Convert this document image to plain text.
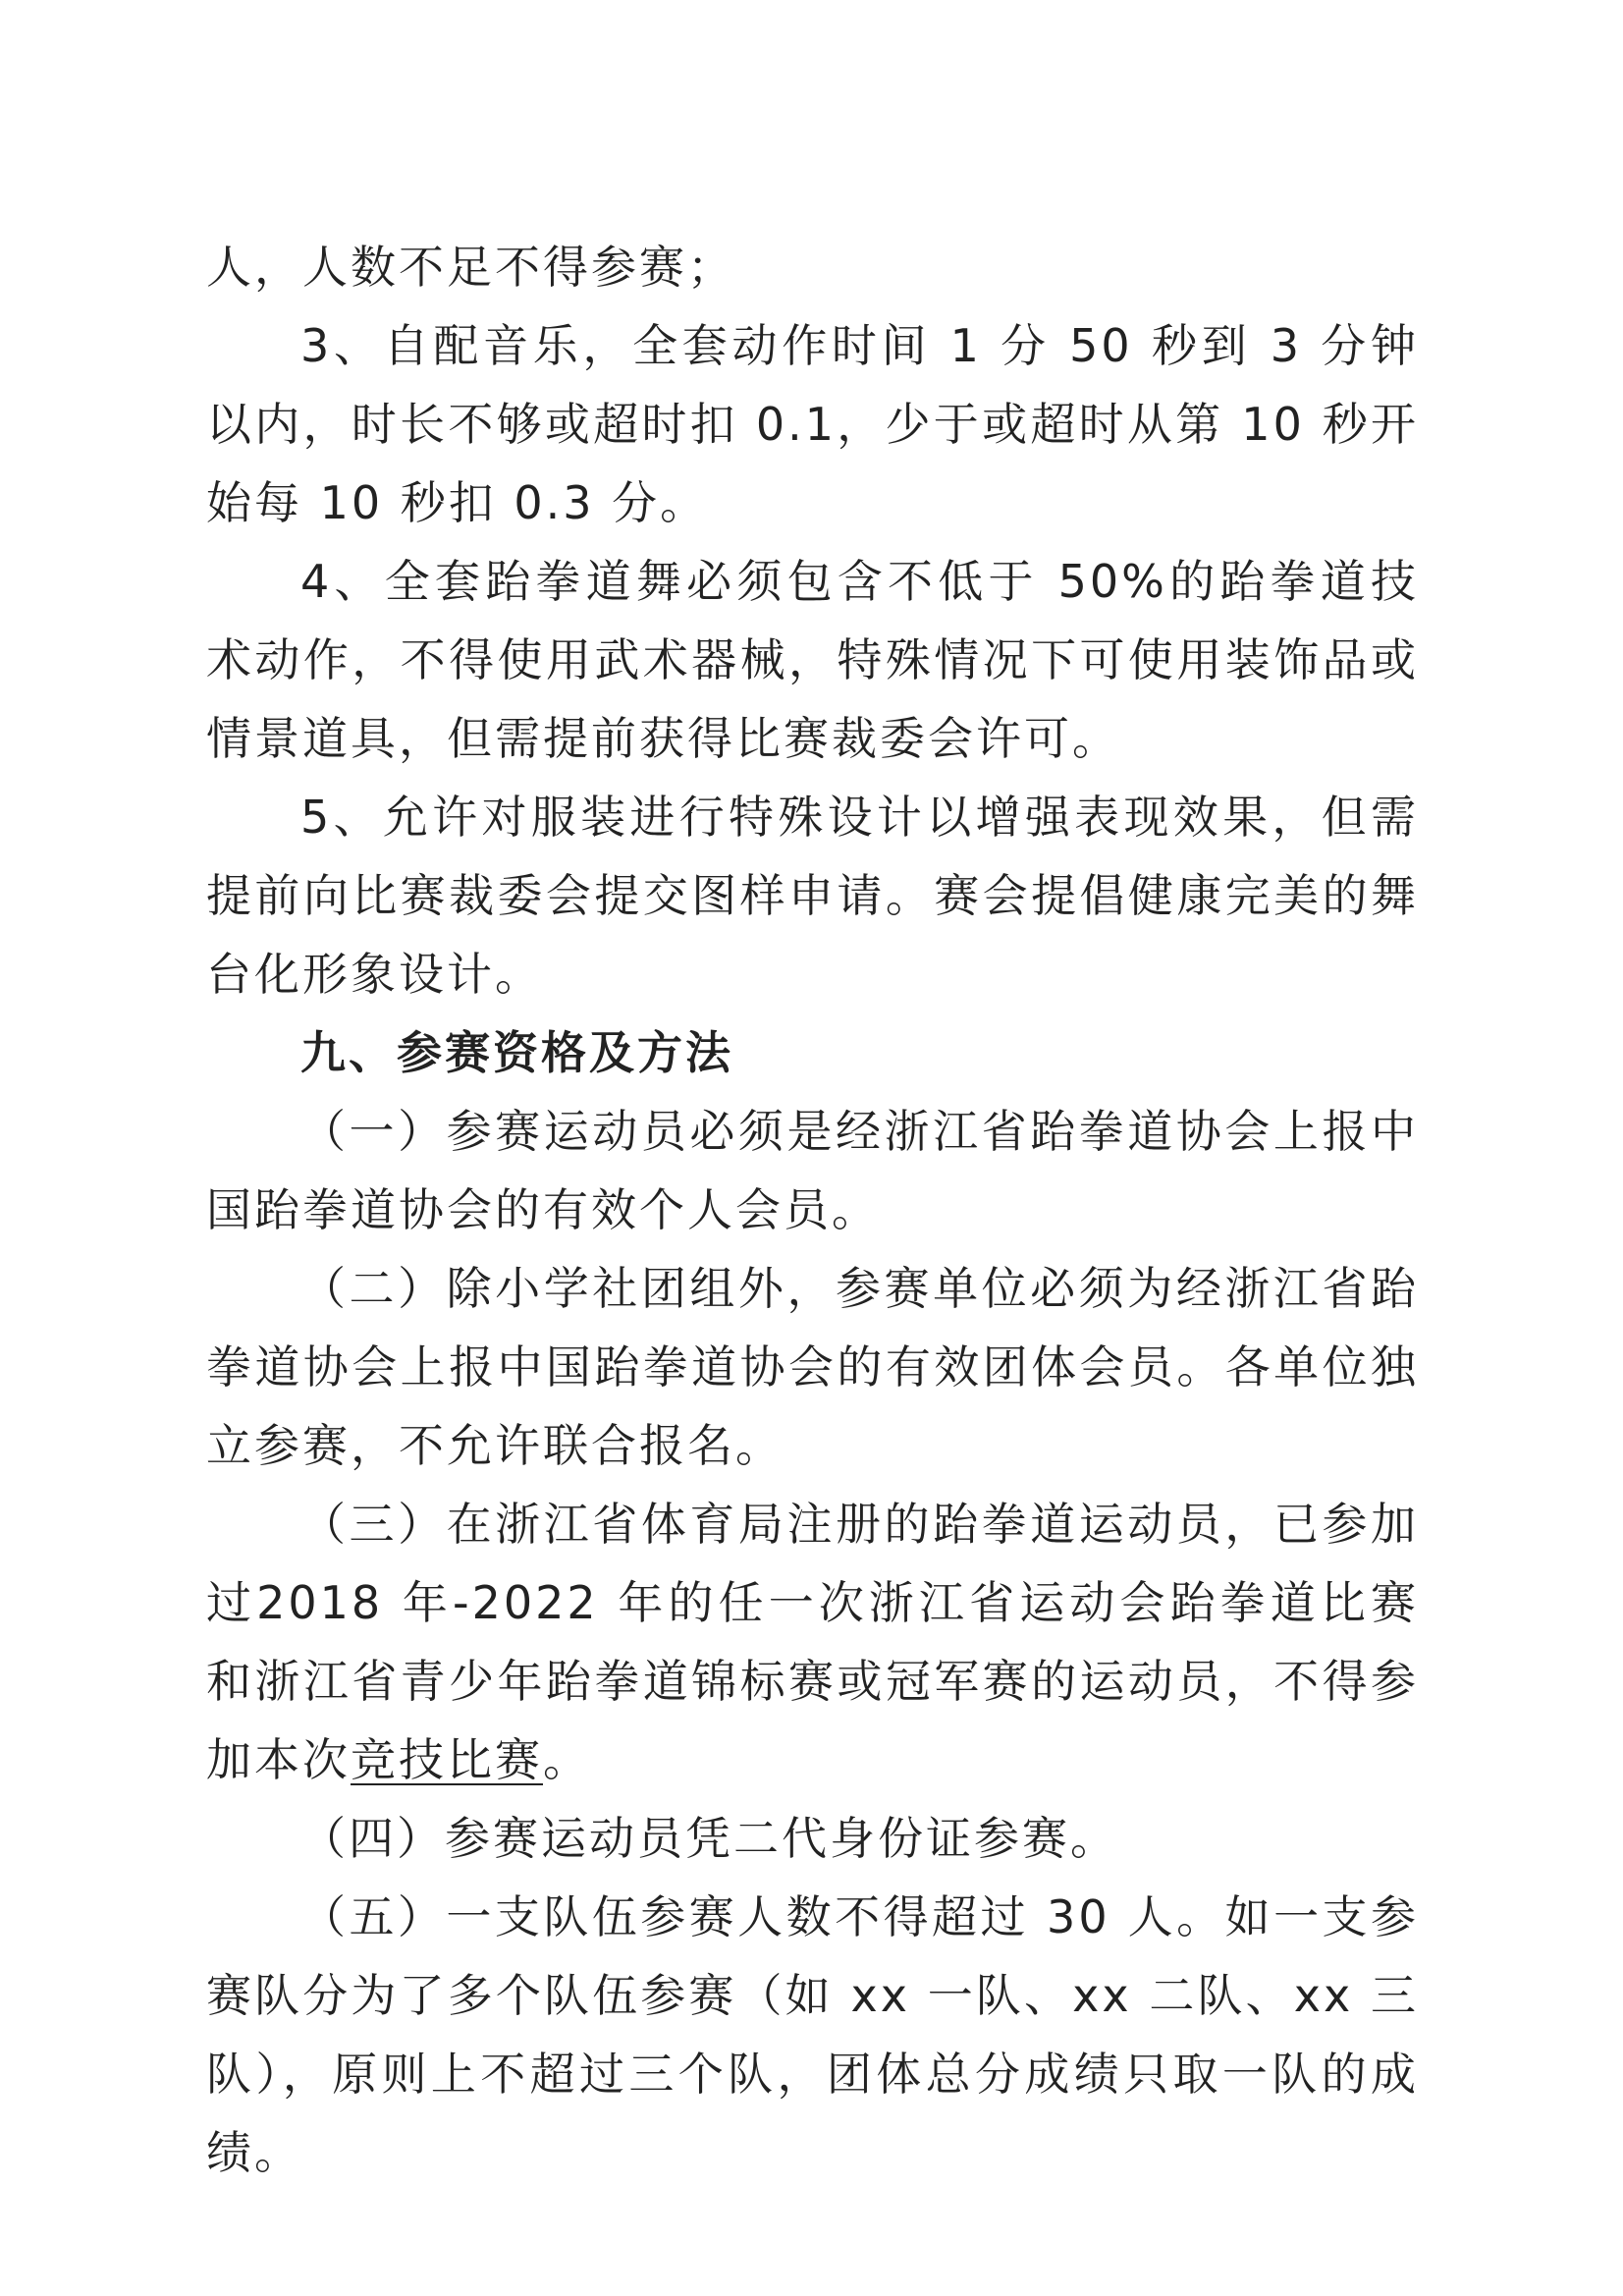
人，人数不足不得参赛；

3、自配音乐，全套动作时间 1 分 50 秒到 3 分钟以内，时长不够或超时扣 0.1，少于或超时从第 10 秒开始每 10 秒扣 0.3 分。

4、全套跆拳道舞必须包含不低于 50%的跆拳道技术动作，不得使用武术器械，特殊情况下可使用装饰品或情景道具，但需提前获得比赛裁委会许可。

5、允许对服装进行特殊设计以增强表现效果，但需提前向比赛裁委会提交图样申请。赛会提倡健康完美的舞台化形象设计。

九、参赛资格及方法

（一）参赛运动员必须是经浙江省跆拳道协会上报中国跆拳道协会的有效个人会员。

（二）除小学社团组外，参赛单位必须为经浙江省跆拳道协会上报中国跆拳道协会的有效团体会员。各单位独立参赛，不允许联合报名。

（三）在浙江省体育局注册的跆拳道运动员，已参加过2018 年-2022 年的任一次浙江省运动会跆拳道比赛和浙江省青少年跆拳道锦标赛或冠军赛的运动员，不得参加本次竞技比赛。

（四）参赛运动员凭二代身份证参赛。

（五）一支队伍参赛人数不得超过 30 人。如一支参赛队分为了多个队伍参赛（如 xx 一队、xx 二队、xx 三队），原则上不超过三个队，团体总分成绩只取一队的成绩。
